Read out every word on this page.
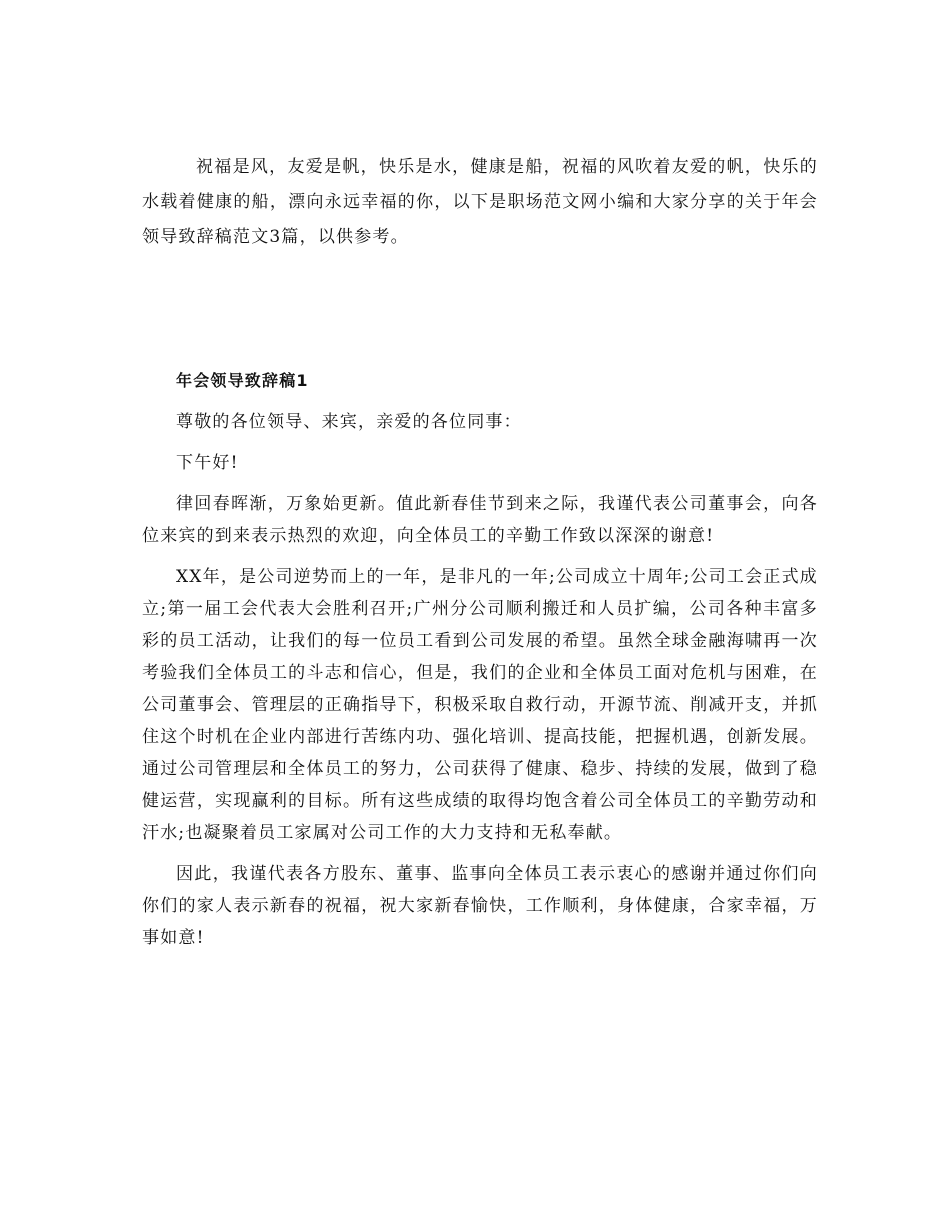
祝福是风，友爱是帆，快乐是水，健康是船，祝福的风吹着友爱的帆，快乐的水载着健康的船，漂向永远幸福的你，以下是职场范文网小编和大家分享的关于年会领导致辞稿范文3篇，以供参考。

年会领导致辞稿1

尊敬的各位领导、来宾，亲爱的各位同事：

下午好!

律回春晖渐，万象始更新。值此新春佳节到来之际，我谨代表公司董事会，向各位来宾的到来表示热烈的欢迎，向全体员工的辛勤工作致以深深的谢意!

XX年，是公司逆势而上的一年，是非凡的一年;公司成立十周年;公司工会正式成立;第一届工会代表大会胜利召开;广州分公司顺利搬迁和人员扩编，公司各种丰富多彩的员工活动，让我们的每一位员工看到公司发展的希望。虽然全球金融海啸再一次考验我们全体员工的斗志和信心，但是，我们的企业和全体员工面对危机与困难，在公司董事会、管理层的正确指导下，积极采取自救行动，开源节流、削减开支，并抓住这个时机在企业内部进行苦练内功、强化培训、提高技能，把握机遇，创新发展。通过公司管理层和全体员工的努力，公司获得了健康、稳步、持续的发展，做到了稳健运营，实现赢利的目标。所有这些成绩的取得均饱含着公司全体员工的辛勤劳动和汗水;也凝聚着员工家属对公司工作的大力支持和无私奉献。

因此，我谨代表各方股东、董事、监事向全体员工表示衷心的感谢并通过你们向你们的家人表示新春的祝福，祝大家新春愉快，工作顺利，身体健康，合家幸福，万事如意!
